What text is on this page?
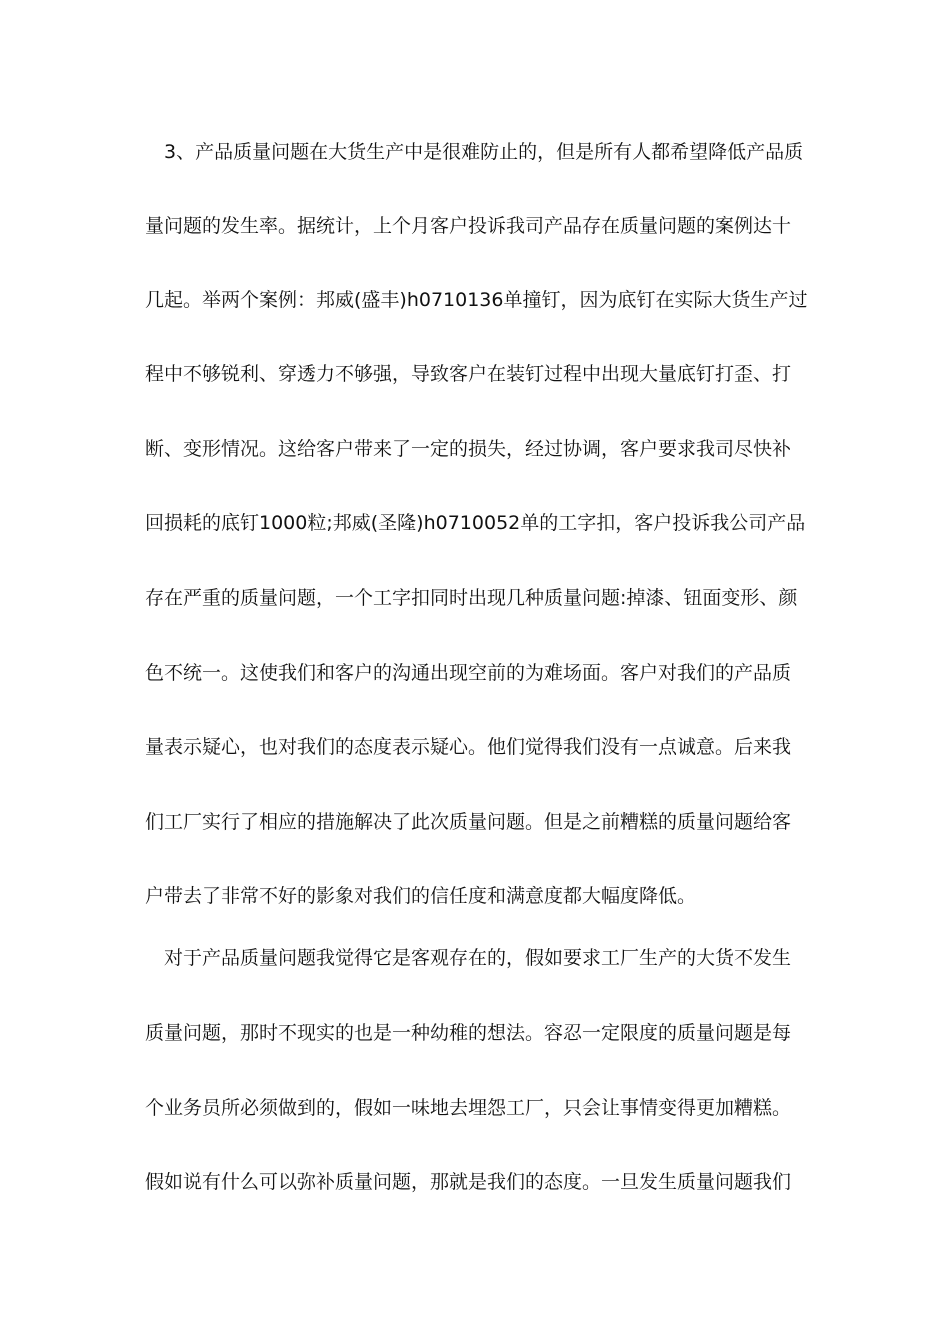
　3、产品质量问题在大货生产中是很难防止的，但是所有人都希望降低产品质

量问题的发生率。据统计，上个月客户投诉我司产品存在质量问题的案例达十

几起。举两个案例：邦威(盛丰)h0710136单撞钉，因为底钉在实际大货生产过

程中不够锐利、穿透力不够强，导致客户在装钉过程中出现大量底钉打歪、打

断、变形情况。这给客户带来了一定的损失，经过协调，客户要求我司尽快补

回损耗的底钉1000粒;邦威(圣隆)h0710052单的工字扣，客户投诉我公司产品

存在严重的质量问题，一个工字扣同时出现几种质量问题:掉漆、钮面变形、颜

色不统一。这使我们和客户的沟通出现空前的为难场面。客户对我们的产品质

量表示疑心，也对我们的态度表示疑心。他们觉得我们没有一点诚意。后来我

们工厂实行了相应的措施解决了此次质量问题。但是之前糟糕的质量问题给客

户带去了非常不好的影象对我们的信任度和满意度都大幅度降低。

　对于产品质量问题我觉得它是客观存在的，假如要求工厂生产的大货不发生

质量问题，那时不现实的也是一种幼稚的想法。容忍一定限度的质量问题是每

个业务员所必须做到的，假如一味地去埋怨工厂，只会让事情变得更加糟糕。

假如说有什么可以弥补质量问题，那就是我们的态度。一旦发生质量问题我们
